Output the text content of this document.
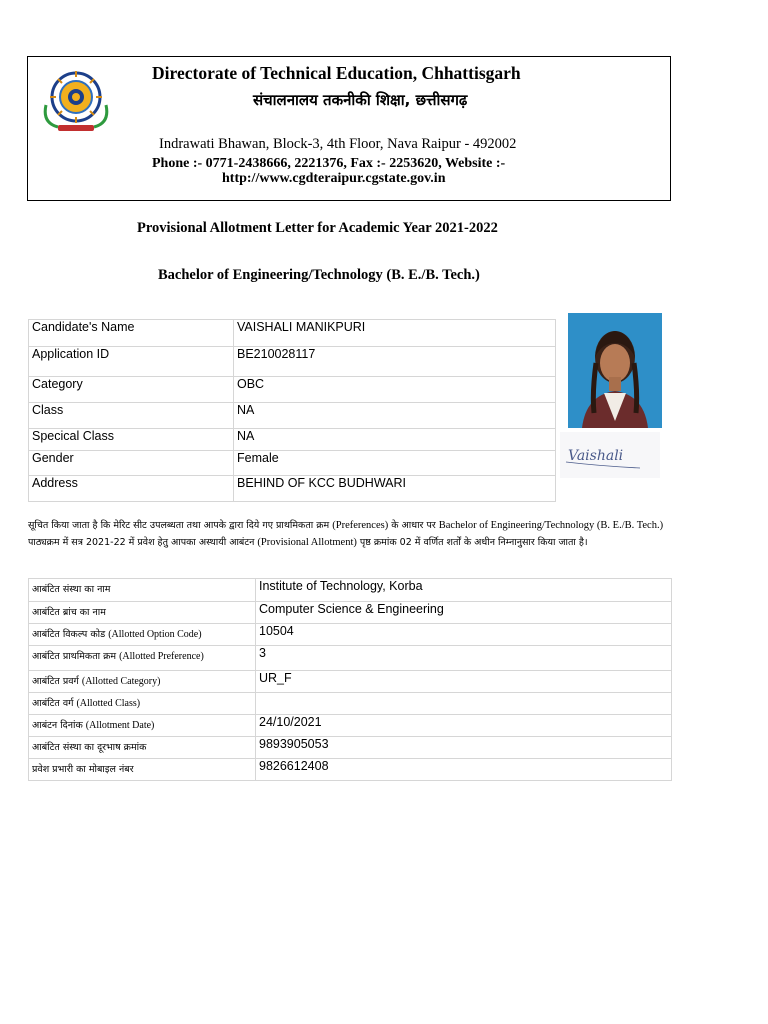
Directorate of Technical Education, Chhattisgarh
संचालनालय तकनीकी शिक्षा, छत्तीसगढ़
Indrawati Bhawan, Block-3, 4th Floor, Nava Raipur - 492002
Phone :- 0771-2438666, 2221376, Fax :- 2253620, Website :-
http://www.cgdteraipur.cgstate.gov.in
Provisional Allotment Letter for Academic Year 2021-2022
Bachelor of Engineering/Technology (B. E./B. Tech.)
Candidate's Name	VAISHALI MANIKPURI
Application ID	BE210028117
Category	OBC
Class	NA
Specical Class	NA
Gender	Female
Address	BEHIND OF KCC BUDHWARI
Vaishali
सूचित किया जाता है कि मेरिट सीट उपलब्धता तथा आपके द्वारा दिये गए प्राथमिकता क्रम (Preferences) के आधार पर Bachelor of Engineering/Technology (B. E./B. Tech.) पाठ्यक्रम में सत्र 2021-22 में प्रवेश हेतु आपका अस्थायी आबंटन (Provisional Allotment) पृष्ठ क्रमांक 02 में वर्णित शर्तों के अधीन निम्नानुसार किया जाता है।
आबंटित संस्था का नाम	Institute of Technology, Korba
आबंटित ब्रांच का नाम	Computer Science & Engineering
आबंटित विकल्प कोड (Allotted Option Code)	10504
आबंटित प्राथमिकता क्रम (Allotted Preference)	3
आबंटित प्रवर्ग (Allotted Category)	UR_F
आबंटित वर्ग (Allotted Class)	
आबंटन दिनांक (Allotment Date)	24/10/2021
आबंटित संस्था का दूरभाष क्रमांक	9893905053
प्रवेश प्रभारी का मोबाइल नंबर	9826612408
